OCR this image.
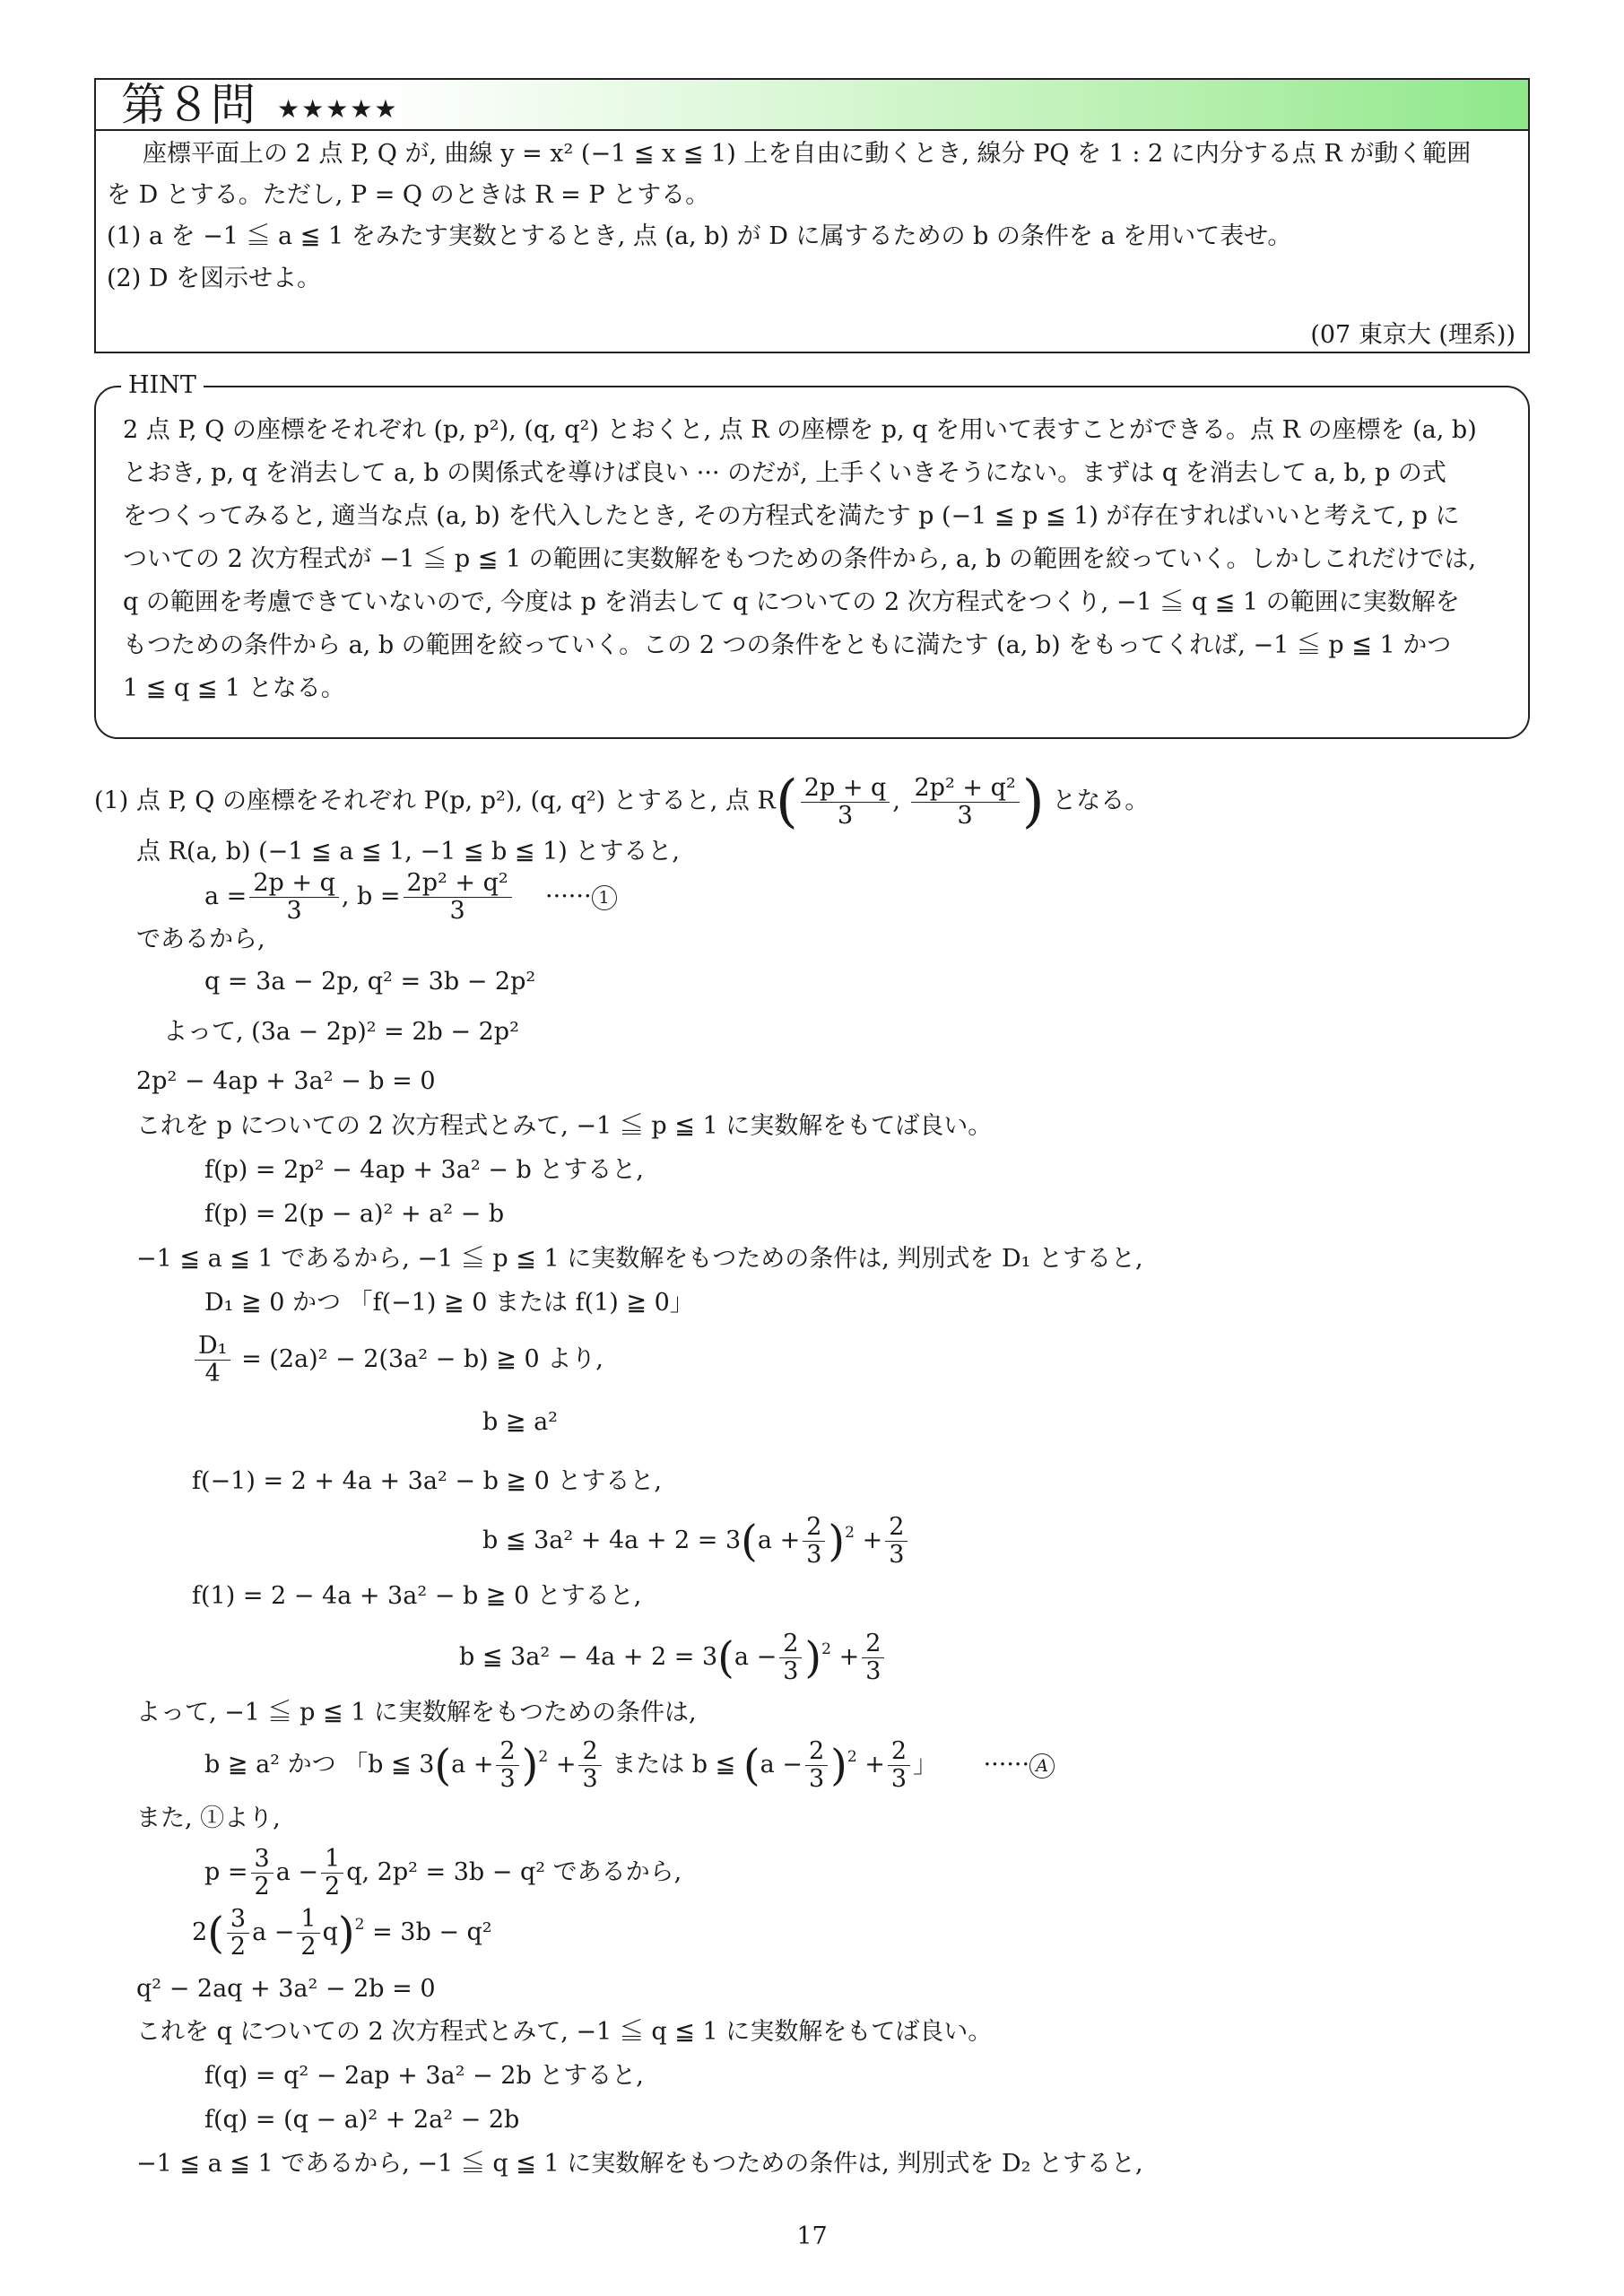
第８問 ★★★★★
座標平面上の 2 点 P, Q が, 曲線 y = x² (−1 ≦ x ≦ 1) 上を自由に動くとき, 線分 PQ を 1 : 2 に内分する点 R が動く範囲
を D とする。ただし, P = Q のときは R = P とする。
(1) a を −1 ≦ a ≦ 1 をみたす実数とするとき, 点 (a, b) が D に属するための b の条件を a を用いて表せ。
(2) D を図示せよ。
(07 東京大 (理系))
HINT
2 点 P, Q の座標をそれぞれ (p, p²), (q, q²) とおくと, 点 R の座標を p, q を用いて表すことができる。点 R の座標を (a, b)
とおき, p, q を消去して a, b の関係式を導けば良い ··· のだが, 上手くいきそうにない。まずは q を消去して a, b, p の式
をつくってみると, 適当な点 (a, b) を代入したとき, その方程式を満たす p (−1 ≦ p ≦ 1) が存在すればいいと考えて, p に
ついての 2 次方程式が −1 ≦ p ≦ 1 の範囲に実数解をもつための条件から, a, b の範囲を絞っていく。しかしこれだけでは,
q の範囲を考慮できていないので, 今度は p を消去して q についての 2 次方程式をつくり, −1 ≦ q ≦ 1 の範囲に実数解を
もつための条件から a, b の範囲を絞っていく。この 2 つの条件をともに満たす (a, b) をもってくれば, −1 ≦ p ≦ 1 かつ
1 ≦ q ≦ 1 となる。
(1) 点 P, Q の座標をそれぞれ P(p, p²), (q, q²) とすると, 点 $R( \frac{2p + q}{3}$ , $\frac{\text{2p² + q²}}{3}$ ) となる。
点 R(a, b) (−1 ≦ a ≦ 1, −1 ≦ b ≦ 1) とすると,
$a = \frac{2p + q}{3}$ , $b = \frac{\text{2p² + q²}}{3}$ ······ 1
であるから,
q = 3a − 2p, q² = 3b − 2p²
よって, (3a − 2p)² = 2b − 2p²
2p² − 4ap + 3a² − b = 0
これを p についての 2 次方程式とみて, −1 ≦ p ≦ 1 に実数解をもてば良い。
f(p) = 2p² − 4ap + 3a² − b とすると,
f(p) = 2(p − a)² + a² − b
−1 ≦ a ≦ 1 であるから, −1 ≦ p ≦ 1 に実数解をもつための条件は, 判別式を D₁ とすると,
D₁ ≧ 0 かつ 「f(−1) ≧ 0 または f(1) ≧ 0」
$\frac{\text{D₁}}{4} = (2a)^2 - 2(3a^2 - b)$ ≧ 0 より,
b ≧ a²
f(−1) = 2 + 4a + 3a² − b ≧ 0 とすると,
b ≦ $3a^2 + 4a + 2 = 3(a + \frac{2}{3} )^2 + \frac{2}{3}$
f(1) = 2 − 4a + 3a² − b ≧ 0 とすると,
b ≦ $3a^2 - 4a + 2 = 3(a - \frac{2}{3} )^2 + \frac{2}{3}$
よって, −1 ≦ p ≦ 1 に実数解をもつための条件は,
b ≧ a² かつ 「b ≦ $3(a + \frac{2}{3} )^2 + \frac{2}{3}$ または b ≦ $(a - \frac{2}{3} )^2 + \frac{2}{3}$ 」 ······ A
また, ①より,
$p = \frac{3}{2}$ $a - \frac{1}{2} q$, 2p² = 3b − q² であるから,
$2( \frac{3}{2}$ $a - \frac{1}{2} q)^2 = 3b - q^2$
q² − 2aq + 3a² − 2b = 0
これを q についての 2 次方程式とみて, −1 ≦ q ≦ 1 に実数解をもてば良い。
f(q) = q² − 2ap + 3a² − 2b とすると,
f(q) = (q − a)² + 2a² − 2b
−1 ≦ a ≦ 1 であるから, −1 ≦ q ≦ 1 に実数解をもつための条件は, 判別式を D₂ とすると,
17
